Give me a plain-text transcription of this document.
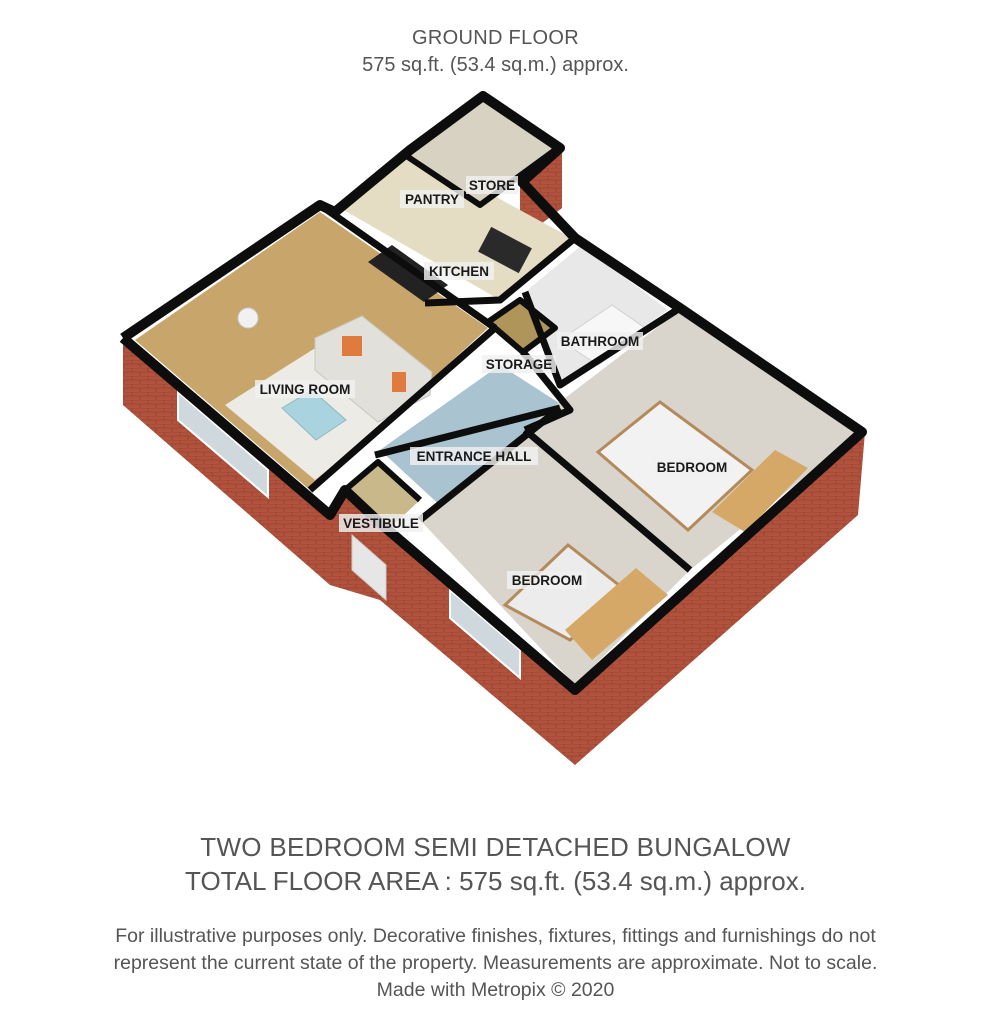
GROUND FLOOR
575 sq.ft. (53.4 sq.m.) approx.
STORE
PANTRY
KITCHEN
LIVING ROOM
STORAGE
BATHROOM
ENTRANCE HALL
BEDROOM
BEDROOM
VESTIBULE
TWO BEDROOM SEMI DETACHED BUNGALOW
TOTAL FLOOR AREA : 575 sq.ft. (53.4 sq.m.) approx.
For illustrative purposes only. Decorative finishes, fixtures, fittings and furnishings do not
represent the current state of the property. Measurements are approximate. Not to scale.
Made with Metropix © 2020
